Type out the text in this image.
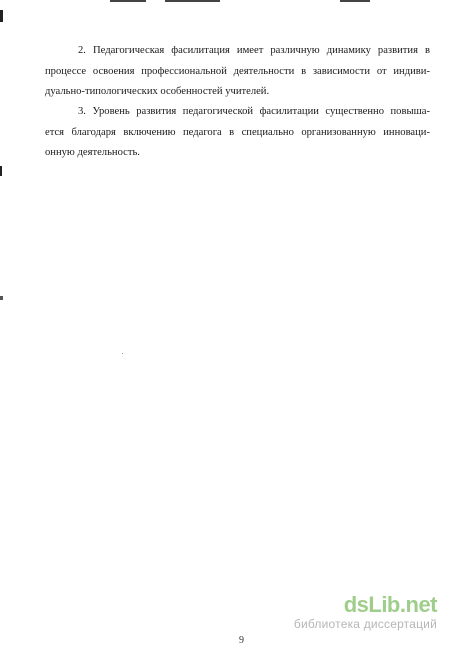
2. Педагогическая фасилитация имеет различную динамику развития в
процессе освоения профессиональной деятельности в зависимости от индиви-
дуально-типологических особенностей учителей.
3. Уровень развития педагогической фасилитации существенно повыша-
ется благодаря включению педагога в специально организованную инноваци-
онную деятельность.
9
dsLib.net
библиотека диссертаций
